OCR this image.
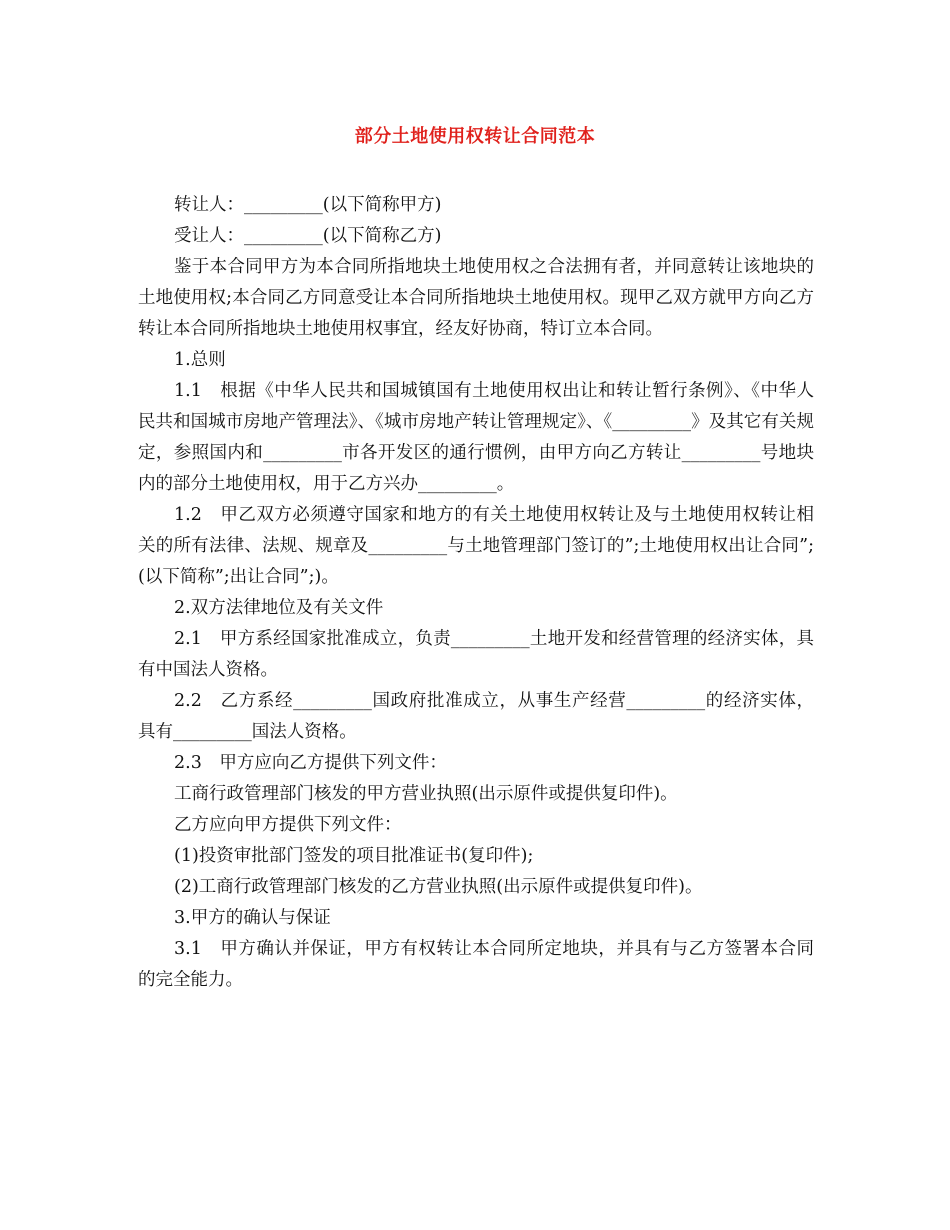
部分土地使用权转让合同范本

转让人：_________(以下简称甲方)

受让人：_________(以下简称乙方)

鉴于本合同甲方为本合同所指地块土地使用权之合法拥有者，并同意转让该地块的土地使用权;本合同乙方同意受让本合同所指地块土地使用权。现甲乙双方就甲方向乙方转让本合同所指地块土地使用权事宜，经友好协商，特订立本合同。

1.总则

1.1　根据《中华人民共和国城镇国有土地使用权出让和转让暂行条例》、《中华人民共和国城市房地产管理法》、《城市房地产转让管理规定》、《_________》及其它有关规定，参照国内和_________市各开发区的通行惯例，由甲方向乙方转让_________号地块内的部分土地使用权，用于乙方兴办_________。

1.2　甲乙双方必须遵守国家和地方的有关土地使用权转让及与土地使用权转让相关的所有法律、法规、规章及_________与土地管理部门签订的”;土地使用权出让合同”;(以下简称”;出让合同”;)。

2.双方法律地位及有关文件

2.1　甲方系经国家批准成立，负责_________土地开发和经营管理的经济实体，具有中国法人资格。

2.2　乙方系经_________国政府批准成立，从事生产经营_________的经济实体，具有_________国法人资格。

2.3　甲方应向乙方提供下列文件：

工商行政管理部门核发的甲方营业执照(出示原件或提供复印件)。

乙方应向甲方提供下列文件：

(1)投资审批部门签发的项目批准证书(复印件);

(2)工商行政管理部门核发的乙方营业执照(出示原件或提供复印件)。

3.甲方的确认与保证

3.1　甲方确认并保证，甲方有权转让本合同所定地块，并具有与乙方签署本合同的完全能力。
